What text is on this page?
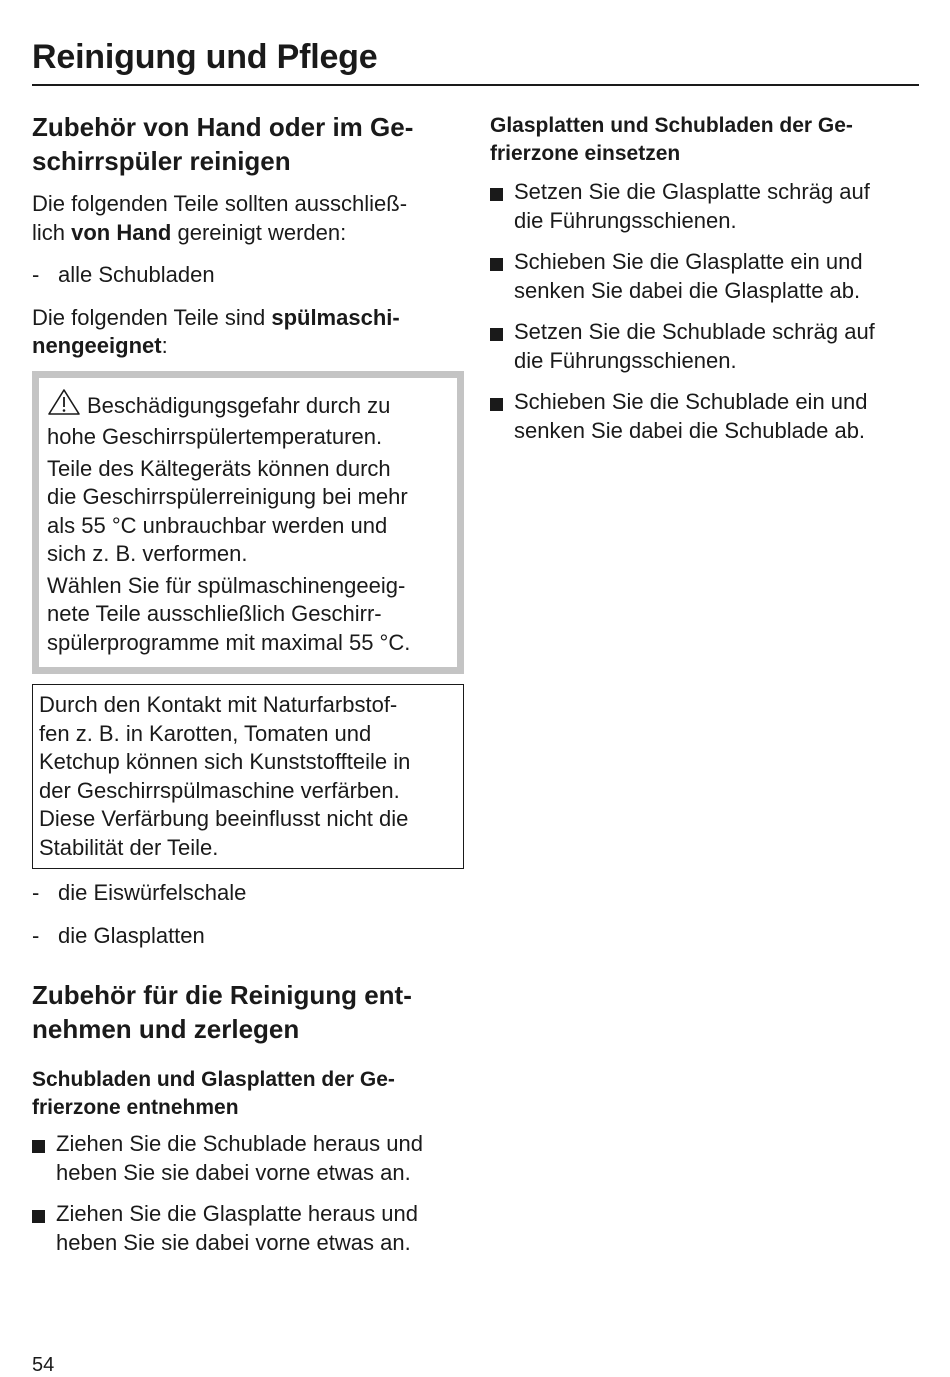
Reinigung und Pflege
Zubehör von Hand oder im Ge-
schirrspüler reinigen

Die folgenden Teile sollten ausschließ-
lich von Hand gereinigt werden:

- alle Schubladen

Die folgenden Teile sind spülmaschi-
nengeeignet:

Beschädigungsgefahr durch zu
hohe Geschirrspülertemperaturen.

Teile des Kältegeräts können durch
die Geschirrspülerreinigung bei mehr
als 55 °C unbrauchbar werden und
sich z. B. verformen.

Wählen Sie für spülmaschinengeeig-
nete Teile ausschließlich Geschirr-
spülerprogramme mit maximal 55 °C.

Durch den Kontakt mit Naturfarbstof-
fen z. B. in Karotten, Tomaten und
Ketchup können sich Kunststoffteile in
der Geschirrspülmaschine verfärben.
Diese Verfärbung beeinflusst nicht die
Stabilität der Teile.

- die Eiswürfelschale
- die Glasplatten
Zubehör für die Reinigung ent-
nehmen und zerlegen
Schubladen und Glasplatten der Ge-
frierzone entnehmen
Ziehen Sie die Schublade heraus und
heben Sie sie dabei vorne etwas an.
Ziehen Sie die Glasplatte heraus und
heben Sie sie dabei vorne etwas an.
Glasplatten und Schubladen der Ge-
frierzone einsetzen
Setzen Sie die Glasplatte schräg auf
die Führungsschienen.
Schieben Sie die Glasplatte ein und
senken Sie dabei die Glasplatte ab.
Setzen Sie die Schublade schräg auf
die Führungsschienen.
Schieben Sie die Schublade ein und
senken Sie dabei die Schublade ab.
54
